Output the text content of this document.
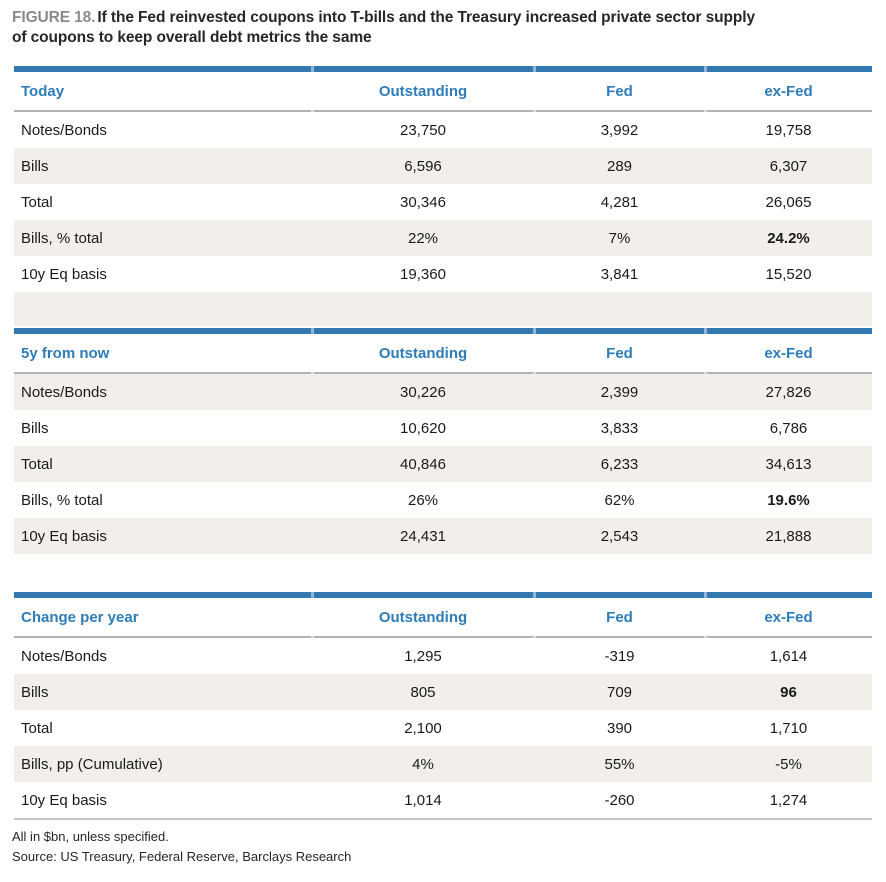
FIGURE 18. If the Fed reinvested coupons into T-bills and the Treasury increased private sector supply
of coupons to keep overall debt metrics the same
Today	Outstanding	Fed	ex-Fed
Notes/Bonds	23,750	3,992	19,758
Bills	6,596	289	6,307
Total	30,346	4,281	26,065
Bills, % total	22%	7%	24.2%
10y Eq basis	19,360	3,841	15,520
5y from now	Outstanding	Fed	ex-Fed
Notes/Bonds	30,226	2,399	27,826
Bills	10,620	3,833	6,786
Total	40,846	6,233	34,613
Bills, % total	26%	62%	19.6%
10y Eq basis	24,431	2,543	21,888
Change per year	Outstanding	Fed	ex-Fed
Notes/Bonds	1,295	-319	1,614
Bills	805	709	96
Total	2,100	390	1,710
Bills, pp (Cumulative)	4%	55%	-5%
10y Eq basis	1,014	-260	1,274
All in $bn, unless specified.
Source: US Treasury, Federal Reserve, Barclays Research
